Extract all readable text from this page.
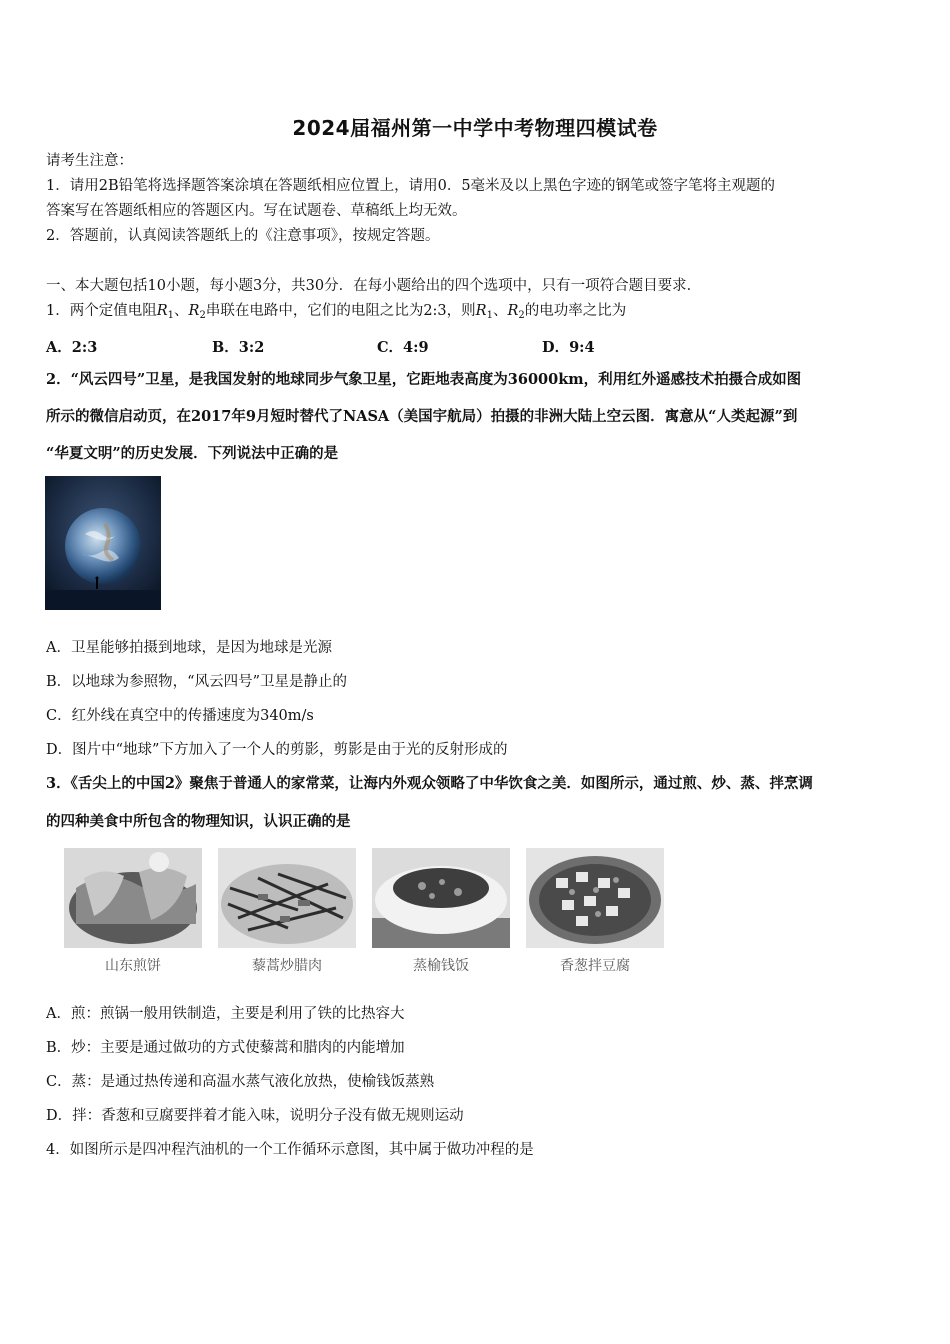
2024届福州第一中学中考物理四模试卷
请考生注意：
1．请用2B铅笔将选择题答案涂填在答题纸相应位置上，请用0．5毫米及以上黑色字迹的钢笔或签字笔将主观题的
答案写在答题纸相应的答题区内。写在试题卷、草稿纸上均无效。
2．答题前，认真阅读答题纸上的《注意事项》，按规定答题。
一、本大题包括10小题，每小题3分，共30分．在每小题给出的四个选项中，只有一项符合题目要求．
1．两个定值电阻$R_1$、$R_2$串联在电路中，它们的电阻之比为2:3，则$R_1$、$R_2$的电功率之比为
A．2:3	B．3:2	C．4:9	D．9:4
2．“风云四号”卫星，是我国发射的地球同步气象卫星，它距地表高度为36000km，利用红外遥感技术拍摄合成如图
所示的微信启动页，在2017年9月短时替代了NASA（美国宇航局）拍摄的非洲大陆上空云图．寓意从“人类起源”到
“华夏文明”的历史发展．下列说法中正确的是
A．卫星能够拍摄到地球，是因为地球是光源
B．以地球为参照物，“风云四号”卫星是静止的
C．红外线在真空中的传播速度为340m/s
D．图片中“地球”下方加入了一个人的剪影，剪影是由于光的反射形成的
3．《舌尖上的中国2》聚焦于普通人的家常菜，让海内外观众领略了中华饮食之美．如图所示，通过煎、炒、蒸、拌烹调
的四种美食中所包含的物理知识，认识正确的是
山东煎饼	藜蒿炒腊肉	蒸榆钱饭	香葱拌豆腐
A．煎：煎锅一般用铁制造，主要是利用了铁的比热容大
B．炒：主要是通过做功的方式使藜蒿和腊肉的内能增加
C．蒸：是通过热传递和高温水蒸气液化放热，使榆钱饭蒸熟
D．拌：香葱和豆腐要拌着才能入味，说明分子没有做无规则运动
4．如图所示是四冲程汽油机的一个工作循环示意图，其中属于做功冲程的是
